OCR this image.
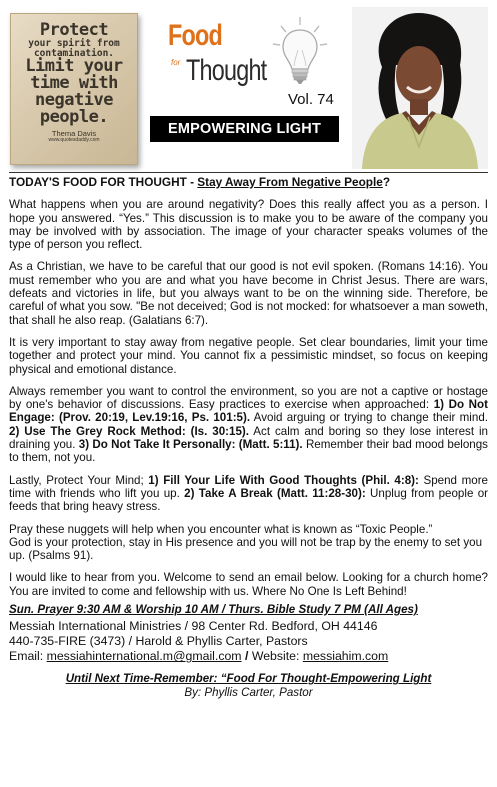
Protect
your spirit from
contamination.
Limit your
time with
negative
people.
Thema Davis
www.quotesdaddy.com
Food
for Thought
Vol. 74
EMPOWERING LIGHT

TODAY'S FOOD FOR THOUGHT - Stay Away From Negative People?

What happens when you are around negativity? Does this really affect you as a person. I hope you answered. “Yes.” This discussion is to make you to be aware of the company you may be involved with by association. The image of your character speaks volumes of the type of person you reflect.

As a Christian, we have to be careful that our good is not evil spoken. (Romans 14:16). You must remember who you are and what you have become in Christ Jesus. There are wars, defeats and victories in life, but you always want to be on the winning side. Therefore, be careful of what you sow. "Be not deceived; God is not mocked: for whatsoever a man soweth, that shall he also reap. (Galatians 6:7).

It is very important to stay away from negative people. Set clear boundaries, limit your time together and protect your mind. You cannot fix a pessimistic mindset, so focus on keeping physical and emotional distance.

Always remember you want to control the environment, so you are not a captive or hostage by one's behavior of discussions. Easy practices to exercise when approached: 1) Do Not Engage: (Prov. 20:19, Lev.19:16, Ps. 101:5). Avoid arguing or trying to change their mind. 2) Use The Grey Rock Method: (Is. 30:15). Act calm and boring so they lose interest in draining you. 3) Do Not Take It Personally: (Matt. 5:11). Remember their bad mood belongs to them, not you.

Lastly, Protect Your Mind; 1) Fill Your Life With Good Thoughts (Phil. 4:8): Spend more time with friends who lift you up. 2) Take A Break (Matt. 11:28-30): Unplug from people or feeds that bring heavy stress.

Pray these nuggets will help when you encounter what is known as “Toxic People.”
God is your protection, stay in His presence and you will not be trap by the enemy to set you up. (Psalms 91).

I would like to hear from you. Welcome to send an email below. Looking for a church home? You are invited to come and fellowship with us. Where No One Is Left Behind!

Sun. Prayer 9:30 AM & Worship 10 AM / Thurs. Bible Study 7 PM (All Ages)

Messiah International Ministries / 98 Center Rd. Bedford, OH 44146

440-735-FIRE (3473) / Harold & Phyllis Carter, Pastors

Email: messiahinternational.m@gmail.com / Website: messiahim.com

Until Next Time-Remember: “Food For Thought-Empowering Light

By: Phyllis Carter, Pastor
